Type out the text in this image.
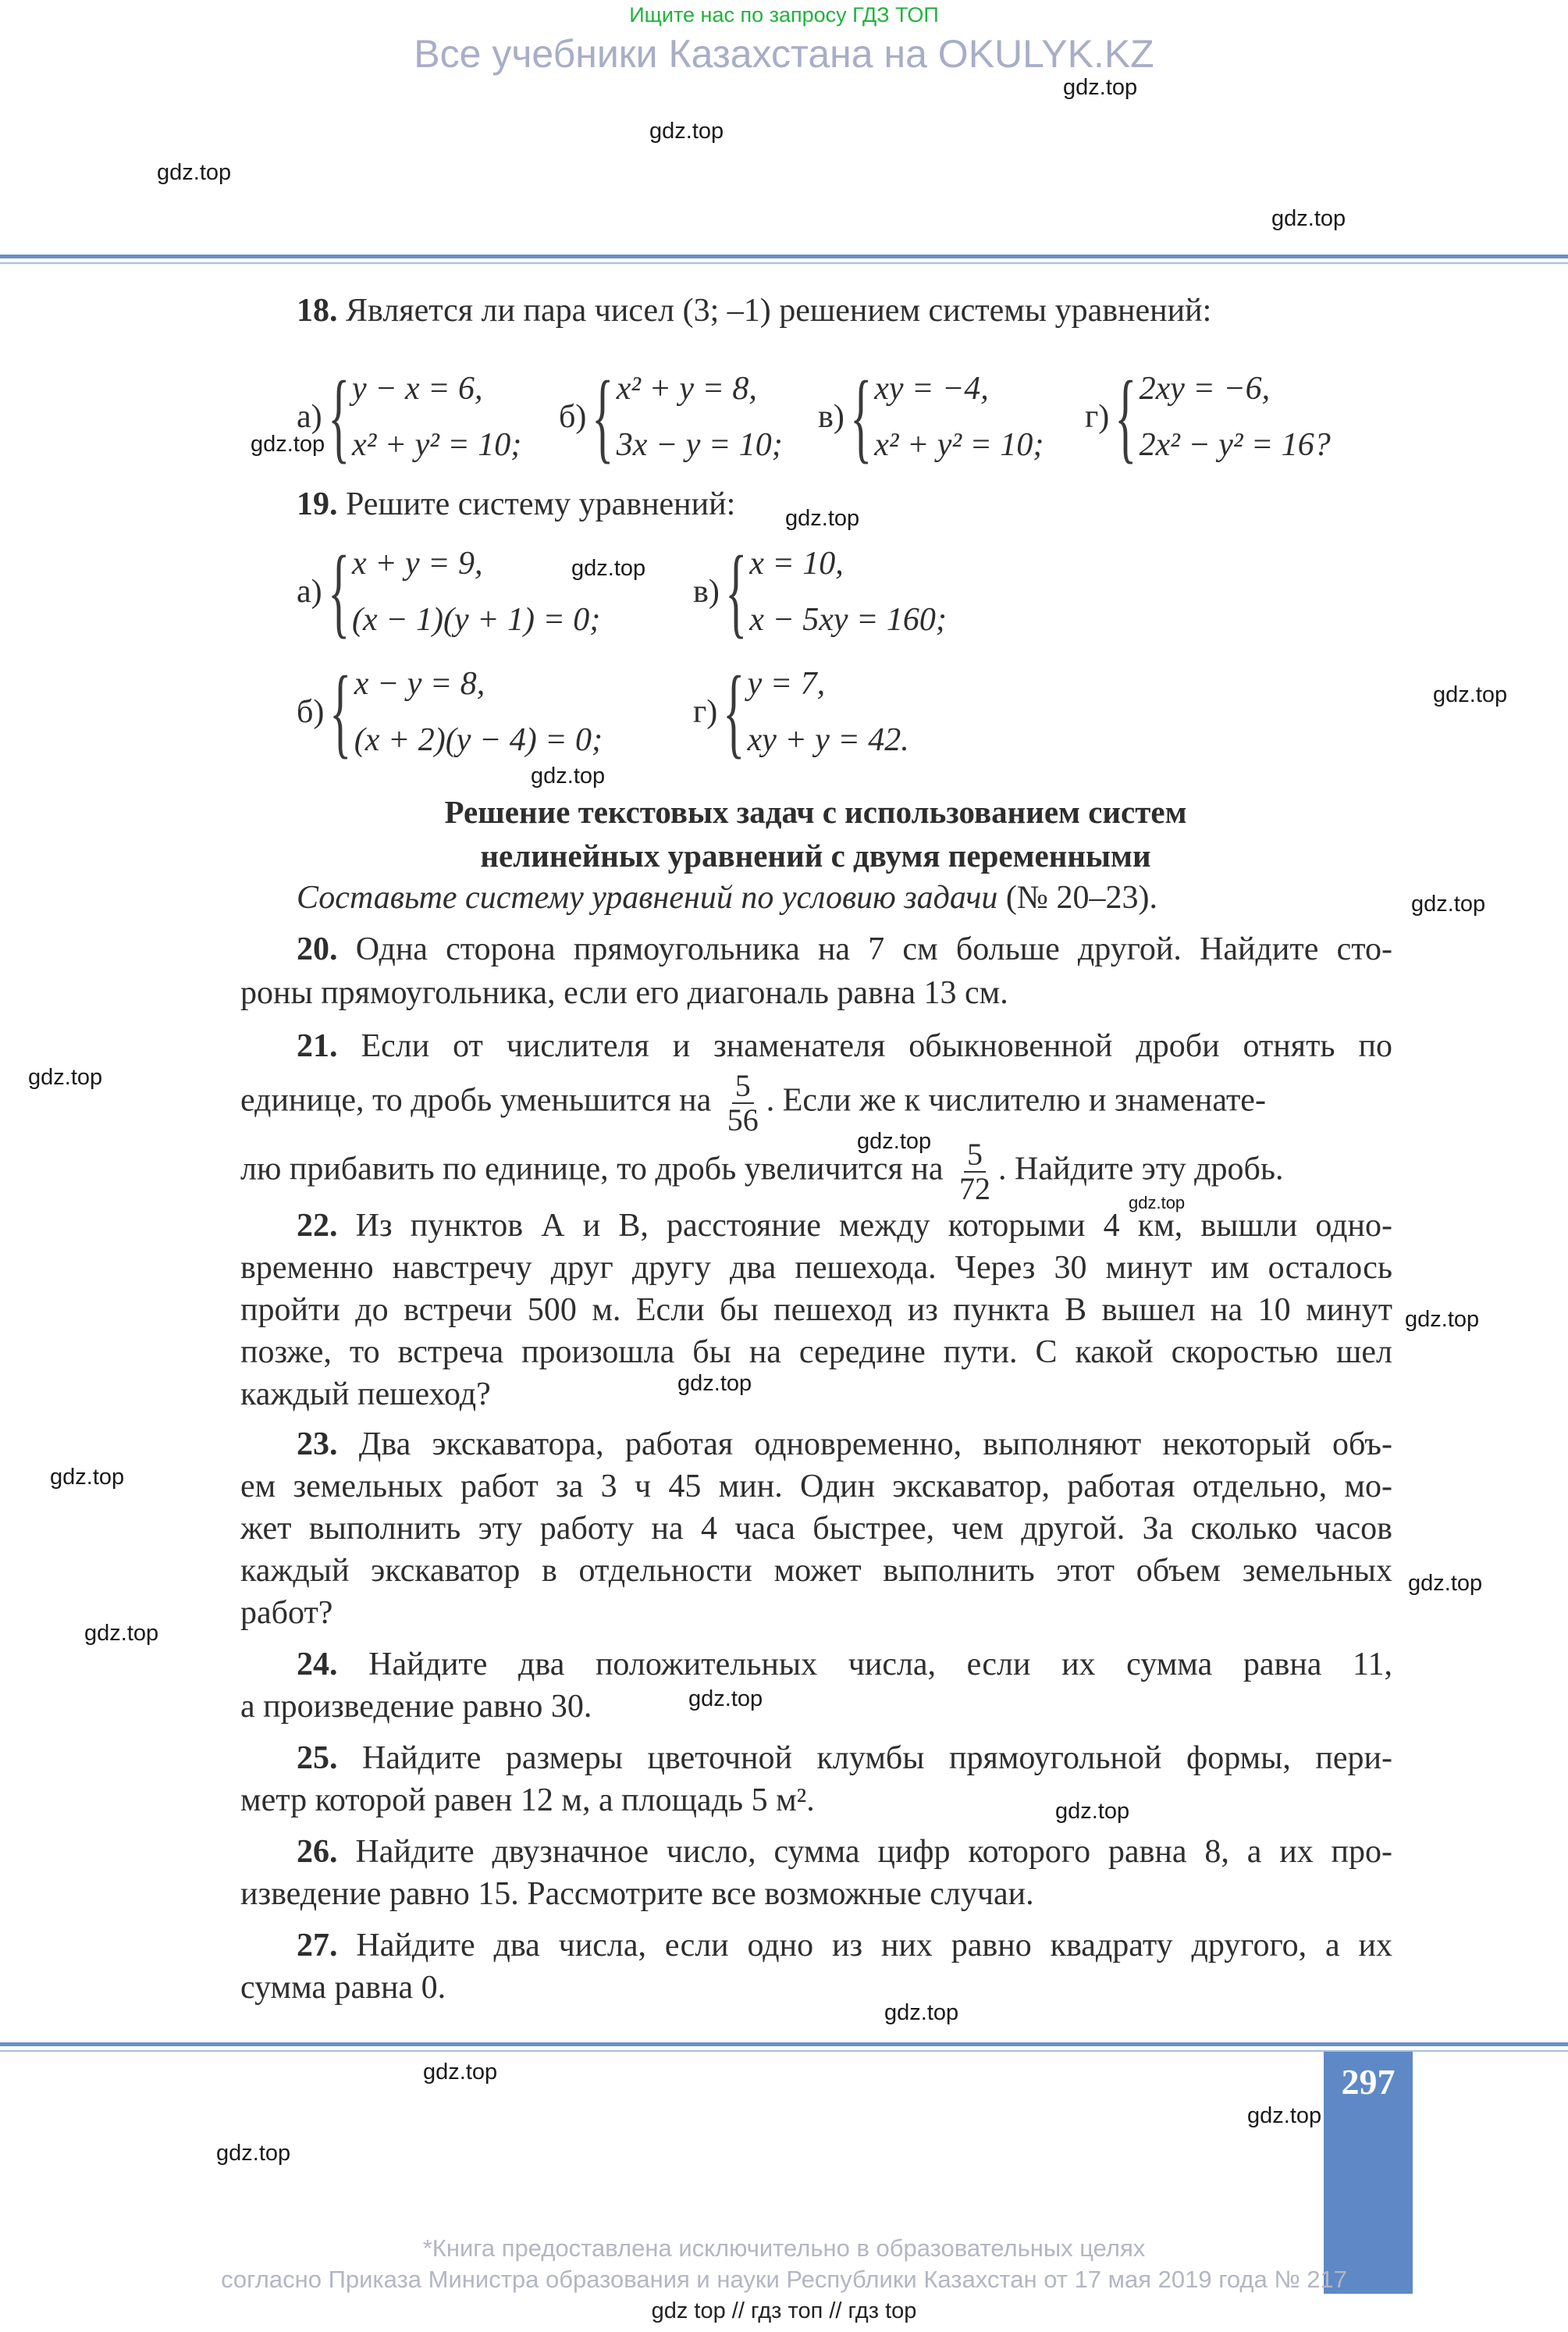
Ищите нас по запросу ГДЗ ТОП
Все учебники Казахстана на OKULYK.KZ
gdz.top
gdz.top
gdz.top
gdz.top
18. Является ли пара чисел (3; –1) решением системы уравнений:
а) { y − x = 6,
x² + y² = 10;
б) { x² + y = 8,
3x − y = 10;
в) { xy = −4,
x² + y² = 10;
г) { 2xy = −6,
2x² − y² = 16?
gdz.top
19. Решите систему уравнений: gdz.top
а) { x + y = 9,
(x − 1)(y + 1) = 0;
в) { x = 10,
x − 5xy = 160;
gdz.top
б) { x − y = 8,
(x + 2)(y − 4) = 0;
г) { y = 7,
xy + y = 42.
gdz.top
gdz.top
Решение текстовых задач с использованием систем
нелинейных уравнений с двумя переменными
Составьте систему уравнений по условию задачи (№ 20–23).	gdz.top
20. Одна сторона прямоугольника на 7 см больше другой. Найдите сто-
роны прямоугольника, если его диагональ равна 13 см.
21. Если от числителя и знаменателя обыкновенной дроби отнять по
gdz.top
единице, то дробь уменьшится на $\frac{5}{56}$ . Если же к числителю и знаменате-
gdz.top
лю прибавить по единице, то дробь увеличится на $\frac{5}{72}$ . Найдите эту дробь.
gdz.top
22. Из пунктов А и В, расстояние между которыми 4 км, вышли одно-
временно навстречу друг другу два пешехода. Через 30 минут им осталось
пройти до встречи 500 м. Если бы пешеход из пункта В вышел на 10 минут gdz.top
позже, то встреча произошла бы на середине пути. С какой скоростью шел
каждый пешеход?	gdz.top
23. Два экскаватора, работая одновременно, выполняют некоторый объ-
gdz.top	ем земельных работ за 3 ч 45 мин. Один экскаватор, работая отдельно, мо-
жет выполнить эту работу на 4 часа быстрее, чем другой. За сколько часов
каждый экскаватор в отдельности может выполнить этот объем земельных gdz.top
работ?
gdz.top
24. Найдите два положительных числа, если их сумма равна 11,
а произведение равно 30.	gdz.top
25. Найдите размеры цветочной клумбы прямоугольной формы, пери-
метр которой равен 12 м, а площадь 5 м².	gdz.top
26. Найдите двузначное число, сумма цифр которого равна 8, а их про-
изведение равно 15. Рассмотрите все возможные случаи.
27. Найдите два числа, если одно из них равно квадрату другого, а их
сумма равна 0.
gdz.top
297
gdz.top
gdz.top
gdz.top
*Книга предоставлена исключительно в образовательных целях
согласно Приказа Министра образования и науки Республики Казахстан от 17 мая 2019 года № 217
gdz top // гдз топ // гдз top
